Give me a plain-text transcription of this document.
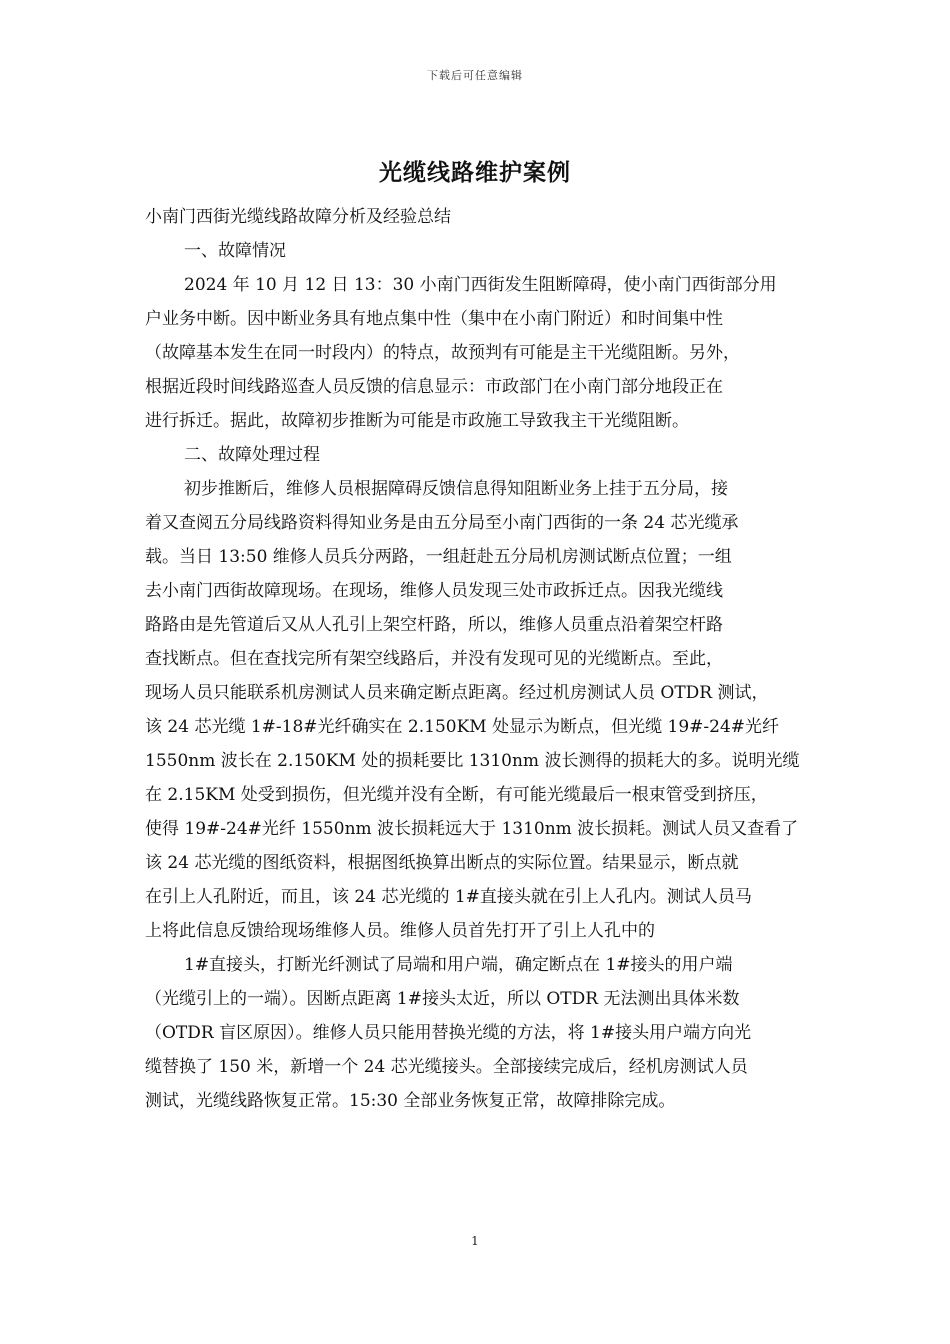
下载后可任意编辑
光缆线路维护案例
小南门西街光缆线路故障分析及经验总结
一、故障情况
2024 年 10 月 12 日 13：30 小南门西街发生阻断障碍，使小南门西街部分用
户业务中断。因中断业务具有地点集中性（集中在小南门附近）和时间集中性
（故障基本发生在同一时段内）的特点，故预判有可能是主干光缆阻断。另外，
根据近段时间线路巡查人员反馈的信息显示：市政部门在小南门部分地段正在
进行拆迁。据此，故障初步推断为可能是市政施工导致我主干光缆阻断。
二、故障处理过程
初步推断后，维修人员根据障碍反馈信息得知阻断业务上挂于五分局，接
着又查阅五分局线路资料得知业务是由五分局至小南门西街的一条 24 芯光缆承
载。当日 13:50 维修人员兵分两路，一组赶赴五分局机房测试断点位置；一组
去小南门西街故障现场。在现场，维修人员发现三处市政拆迁点。因我光缆线
路路由是先管道后又从人孔引上架空杆路，所以，维修人员重点沿着架空杆路
查找断点。但在查找完所有架空线路后，并没有发现可见的光缆断点。至此，
现场人员只能联系机房测试人员来确定断点距离。经过机房测试人员 OTDR 测试，
该 24 芯光缆 1#-18#光纤确实在 2.150KM 处显示为断点，但光缆 19#-24#光纤
1550nm 波长在 2.150KM 处的损耗要比 1310nm 波长测得的损耗大的多。说明光缆
在 2.15KM 处受到损伤，但光缆并没有全断，有可能光缆最后一根束管受到挤压，
使得 19#-24#光纤 1550nm 波长损耗远大于 1310nm 波长损耗。测试人员又查看了
该 24 芯光缆的图纸资料，根据图纸换算出断点的实际位置。结果显示，断点就
在引上人孔附近，而且，该 24 芯光缆的 1#直接头就在引上人孔内。测试人员马
上将此信息反馈给现场维修人员。维修人员首先打开了引上人孔中的
1#直接头，打断光纤测试了局端和用户端，确定断点在 1#接头的用户端
（光缆引上的一端）。因断点距离 1#接头太近，所以 OTDR 无法测出具体米数
（OTDR 盲区原因）。维修人员只能用替换光缆的方法，将 1#接头用户端方向光
缆替换了 150 米，新增一个 24 芯光缆接头。全部接续完成后，经机房测试人员
测试，光缆线路恢复正常。15:30 全部业务恢复正常，故障排除完成。
1
